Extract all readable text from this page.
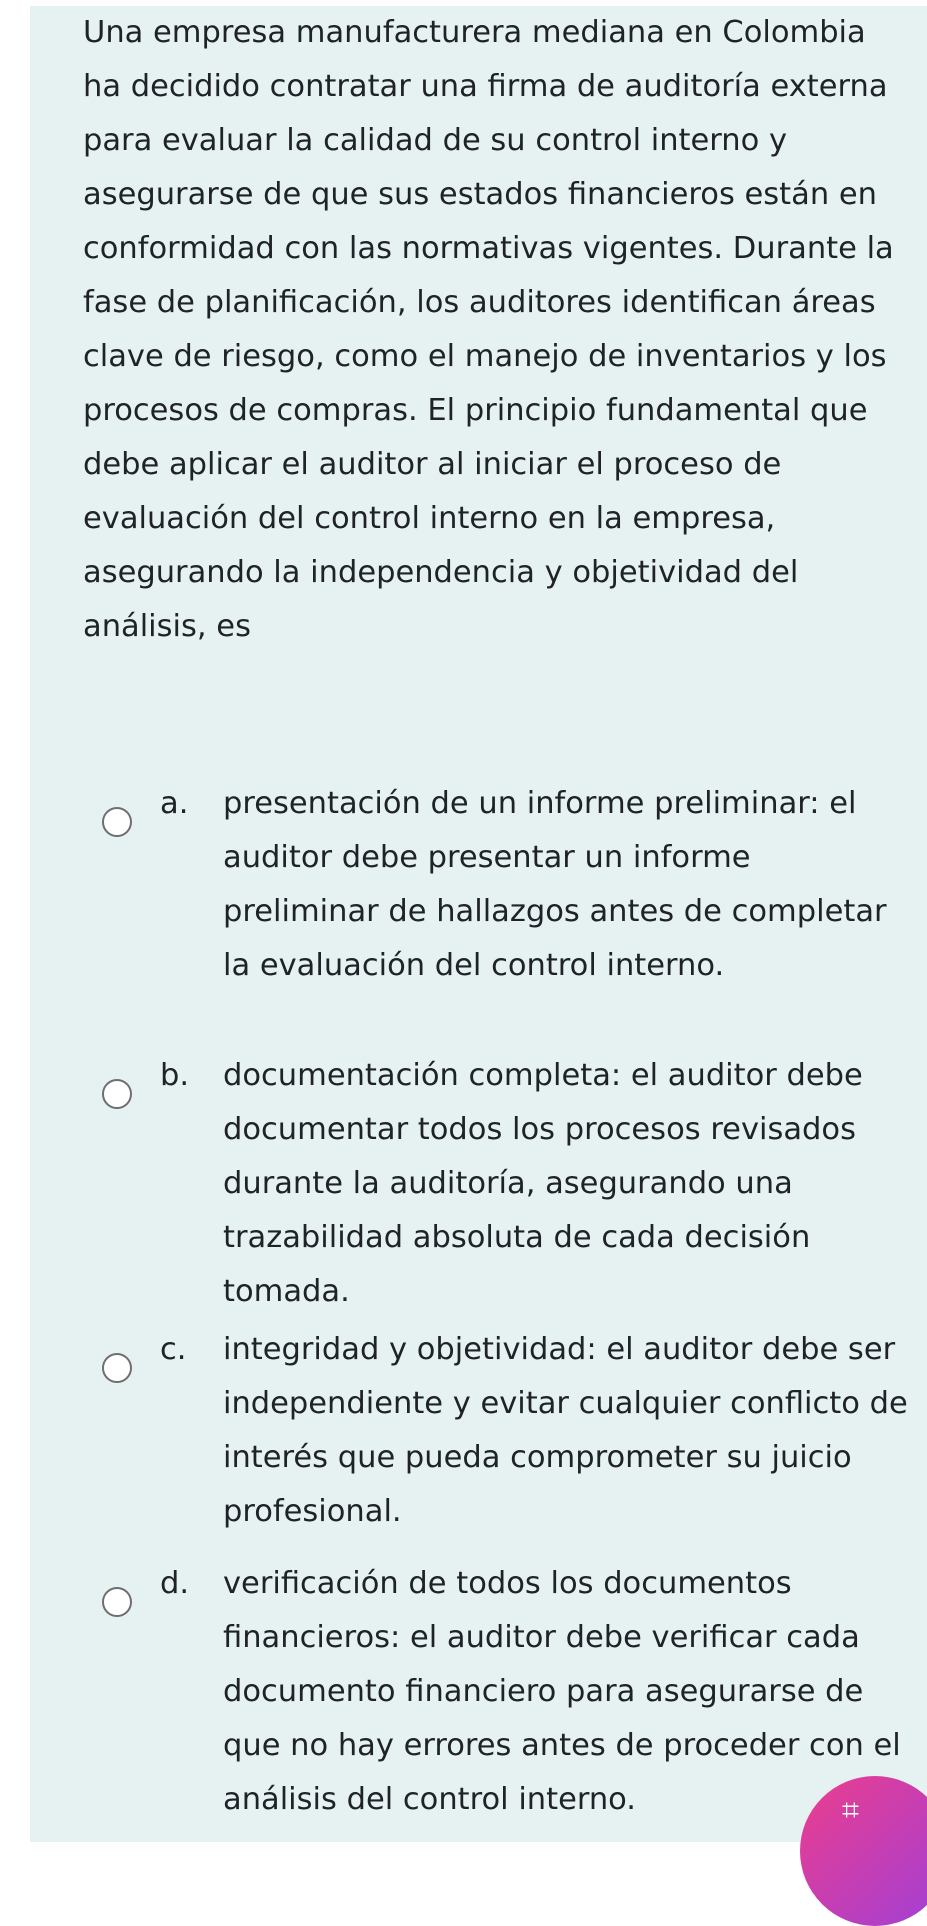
Una empresa manufacturera mediana en Colombia ha decidido contratar una firma de auditoría externa para evaluar la calidad de su control interno y asegurarse de que sus estados financieros están en conformidad con las normativas vigentes. Durante la fase de planificación, los auditores identifican áreas clave de riesgo, como el manejo de inventarios y los procesos de compras. El principio fundamental que debe aplicar el auditor al iniciar el proceso de evaluación del control interno en la empresa, asegurando la independencia y objetividad del análisis, es

a. presentación de un informe preliminar: el auditor debe presentar un informe preliminar de hallazgos antes de completar la evaluación del control interno.
b. documentación completa: el auditor debe documentar todos los procesos revisados durante la auditoría, asegurando una trazabilidad absoluta de cada decisión tomada.
c. integridad y objetividad: el auditor debe ser independiente y evitar cualquier conflicto de interés que pueda comprometer su juicio profesional.
d. verificación de todos los documentos financieros: el auditor debe verificar cada documento financiero para asegurarse de que no hay errores antes de proceder con el análisis del control interno.	⌗
